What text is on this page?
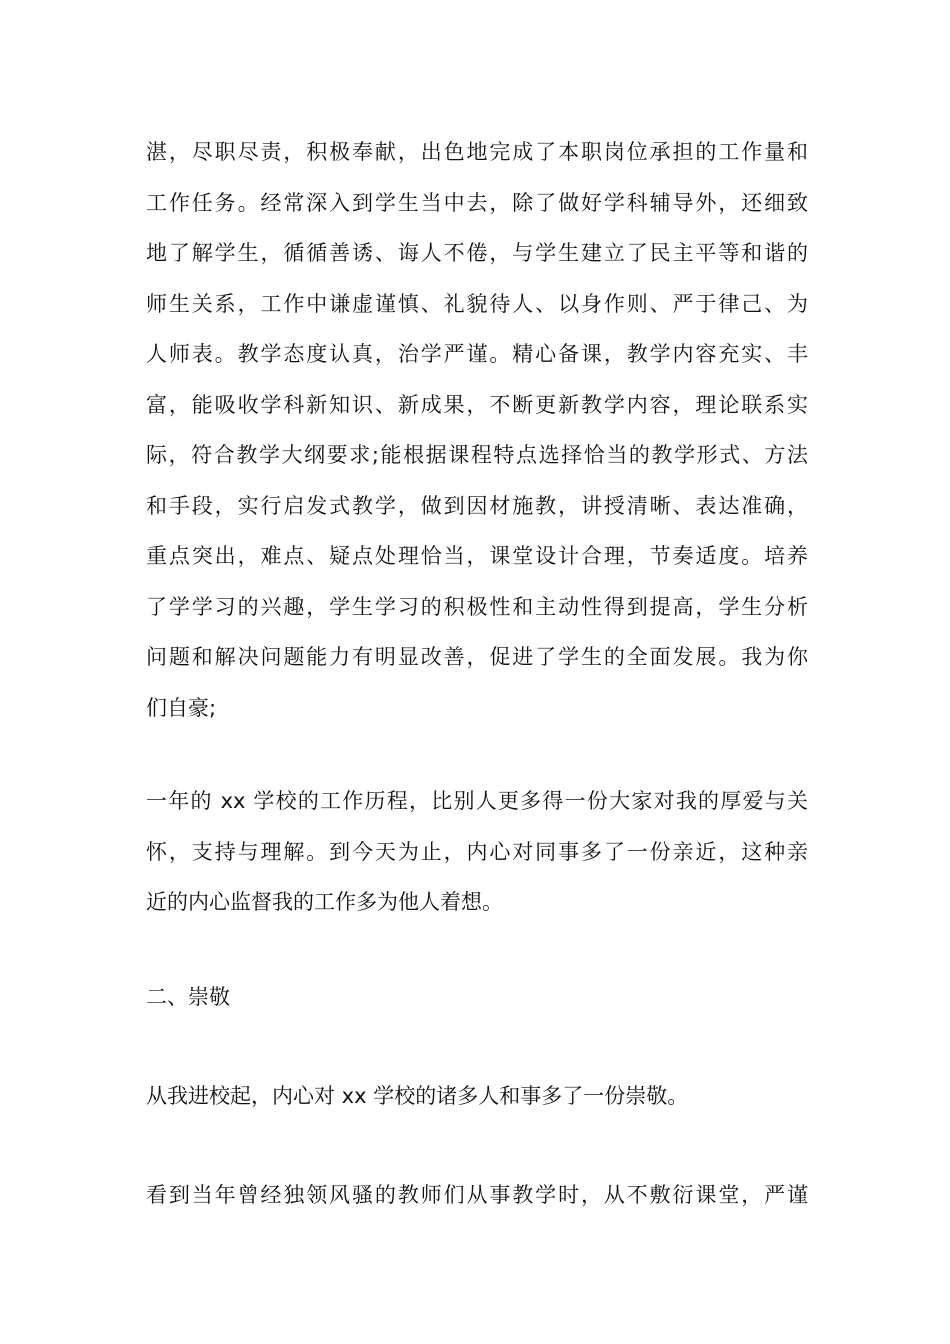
湛，尽职尽责，积极奉献，出色地完成了本职岗位承担的工作量和
工作任务。经常深入到学生当中去，除了做好学科辅导外，还细致
地了解学生，循循善诱、诲人不倦，与学生建立了民主平等和谐的
师生关系，工作中谦虚谨慎、礼貌待人、以身作则、严于律己、为
人师表。教学态度认真，治学严谨。精心备课，教学内容充实、丰
富，能吸收学科新知识、新成果，不断更新教学内容，理论联系实
际，符合教学大纲要求;能根据课程特点选择恰当的教学形式、方法
和手段，实行启发式教学，做到因材施教，讲授清晰、表达准确，
重点突出，难点、疑点处理恰当，课堂设计合理，节奏适度。培养
了学学习的兴趣，学生学习的积极性和主动性得到提高，学生分析
问题和解决问题能力有明显改善，促进了学生的全面发展。我为你
们自豪;
一年的 xx 学校的工作历程，比别人更多得一份大家对我的厚爱与关
怀，支持与理解。到今天为止，内心对同事多了一份亲近，这种亲
近的内心监督我的工作多为他人着想。
二、崇敬
从我进校起，内心对 xx 学校的诸多人和事多了一份崇敬。
看到当年曾经独领风骚的教师们从事教学时，从不敷衍课堂，严谨
